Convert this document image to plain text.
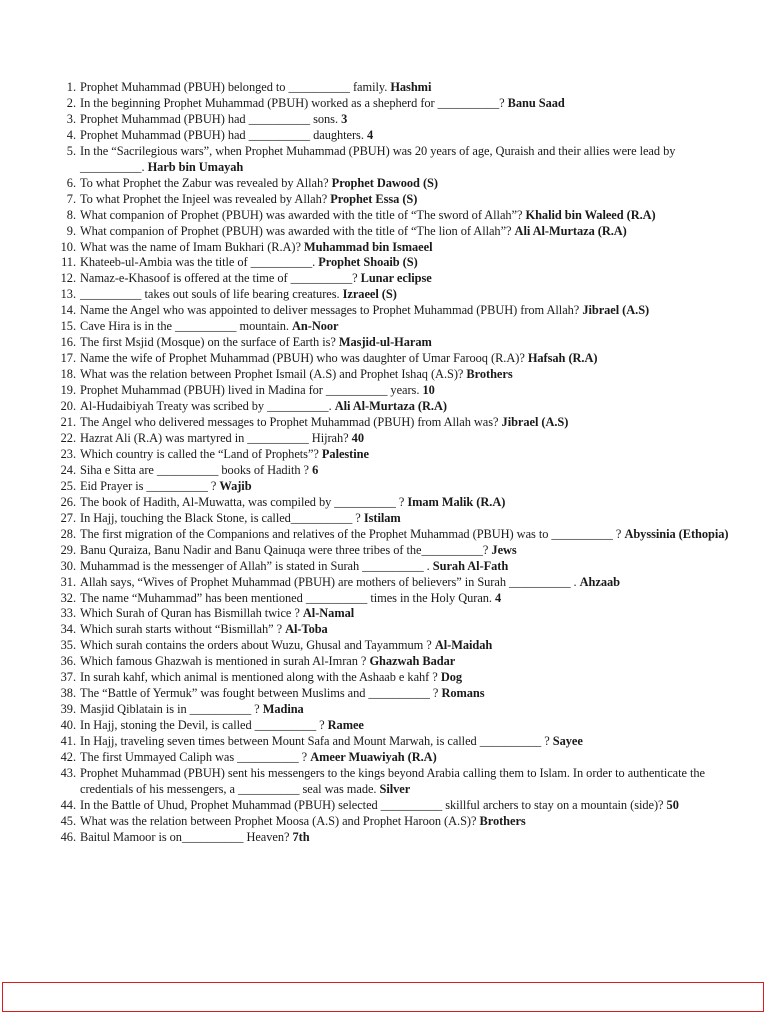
1. Prophet Muhammad (PBUH) belonged to __________ family. Hashmi
2. In the beginning Prophet Muhammad (PBUH) worked as a shepherd for __________? Banu Saad
3. Prophet Muhammad (PBUH) had __________ sons. 3
4. Prophet Muhammad (PBUH) had __________ daughters. 4
5. In the “Sacrilegious wars”, when Prophet Muhammad (PBUH) was 20 years of age, Quraish and their allies were lead by __________. Harb bin Umayah
6. To what Prophet the Zabur was revealed by Allah? Prophet Dawood (S)
7. To what Prophet the Injeel was revealed by Allah? Prophet Essa (S)
8. What companion of Prophet (PBUH) was awarded with the title of “The sword of Allah”? Khalid bin Waleed (R.A)
9. What companion of Prophet (PBUH) was awarded with the title of “The lion of Allah”? Ali Al-Murtaza (R.A)
10. What was the name of Imam Bukhari (R.A)? Muhammad bin Ismaeel
11. Khateeb-ul-Ambia was the title of __________. Prophet Shoaib (S)
12. Namaz-e-Khasoof is offered at the time of __________? Lunar eclipse
13. __________ takes out souls of life bearing creatures. Izraeel (S)
14. Name the Angel who was appointed to deliver messages to Prophet Muhammad (PBUH) from Allah? Jibrael (A.S)
15. Cave Hira is in the __________ mountain. An-Noor
16. The first Msjid (Mosque) on the surface of Earth is? Masjid-ul-Haram
17. Name the wife of Prophet Muhammad (PBUH) who was daughter of Umar Farooq (R.A)? Hafsah (R.A)
18. What was the relation between Prophet Ismail (A.S) and Prophet Ishaq (A.S)? Brothers
19. Prophet Muhammad (PBUH) lived in Madina for __________ years. 10
20. Al-Hudaibiyah Treaty was scribed by __________. Ali Al-Murtaza (R.A)
21. The Angel who delivered messages to Prophet Muhammad (PBUH) from Allah was? Jibrael (A.S)
22. Hazrat Ali (R.A) was martyred in __________ Hijrah? 40
23. Which country is called the “Land of Prophets”? Palestine
24. Siha e Sitta are __________ books of Hadith ? 6
25. Eid Prayer is __________ ? Wajib
26. The book of Hadith, Al-Muwatta, was compiled by __________ ? Imam Malik (R.A)
27. In Hajj, touching the Black Stone, is called__________ ? Istilam
28. The first migration of the Companions and relatives of the Prophet Muhammad (PBUH) was to __________ ? Abyssinia (Ethopia)
29. Banu Quraiza, Banu Nadir and Banu Qainuqa were three tribes of the__________? Jews
30. Muhammad is the messenger of Allah” is stated in Surah __________ . Surah Al-Fath
31. Allah says, “Wives of Prophet Muhammad (PBUH) are mothers of believers” in Surah __________ . Ahzaab
32. The name “Muhammad” has been mentioned __________ times in the Holy Quran. 4
33. Which Surah of Quran has Bismillah twice ? Al-Namal
34. Which surah starts without “Bismillah” ? Al-Toba
35. Which surah contains the orders about Wuzu, Ghusal and Tayammum ? Al-Maidah
36. Which famous Ghazwah is mentioned in surah Al-Imran ? Ghazwah Badar
37. In surah kahf, which animal is mentioned along with the Ashaab e kahf ? Dog
38. The “Battle of Yermuk” was fought between Muslims and __________ ? Romans
39. Masjid Qiblatain is in __________ ? Madina
40. In Hajj, stoning the Devil, is called __________ ? Ramee
41. In Hajj, traveling seven times between Mount Safa and Mount Marwah, is called __________ ? Sayee
42. The first Ummayed Caliph was __________ ? Ameer Muawiyah (R.A)
43. Prophet Muhammad (PBUH) sent his messengers to the kings beyond Arabia calling them to Islam. In order to authenticate the credentials of his messengers, a __________ seal was made. Silver
44. In the Battle of Uhud, Prophet Muhammad (PBUH) selected __________ skillful archers to stay on a mountain (side)? 50
45. What was the relation between Prophet Moosa (A.S) and Prophet Haroon (A.S)? Brothers
46. Baitul Mamoor is on__________ Heaven? 7th
